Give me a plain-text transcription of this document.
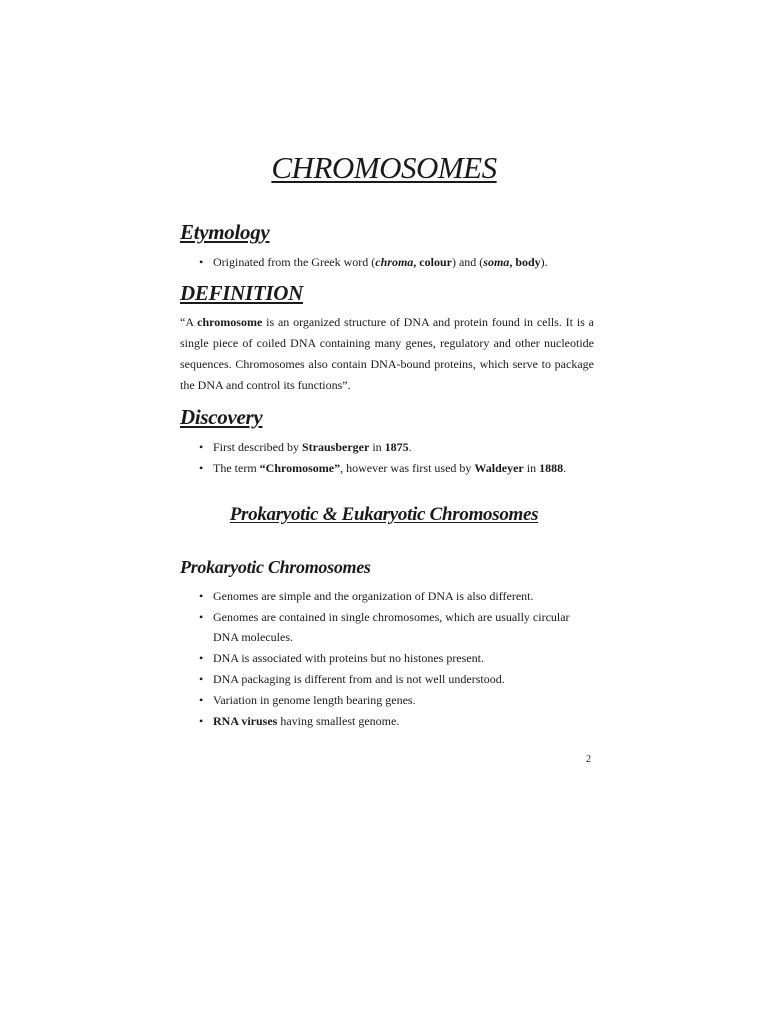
CHROMOSOMES
Etymology
• Originated from the Greek word (chroma, colour) and (soma, body).
DEFINITION

“A chromosome is an organized structure of DNA and protein found in cells. It is a single piece of coiled DNA containing many genes, regulatory and other nucleotide sequences. Chromosomes also contain DNA-bound proteins, which serve to package the DNA and control its functions”.

Discovery
• First described by Strausberger in 1875.
• The term “Chromosome”, however was first used by Waldeyer in 1888.
Prokaryotic & Eukaryotic Chromosomes
Prokaryotic Chromosomes
• Genomes are simple and the organization of DNA is also different.
• Genomes are contained in single chromosomes, which are usually circular DNA molecules.
• DNA is associated with proteins but no histones present.
• DNA packaging is different from and is not well understood.
• Variation in genome length bearing genes.
• RNA viruses having smallest genome.
2
